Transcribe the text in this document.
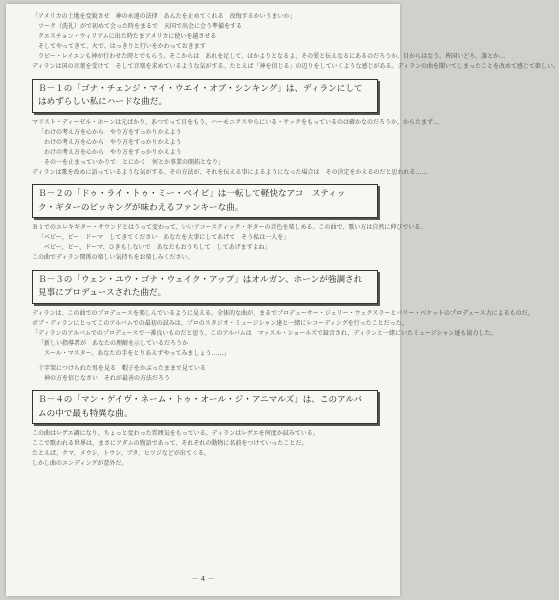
「アメリカの土地を変貌させ　神の永遠の法律　あんたを止めてくれる　改悔するかいうまいか」

ツーク（洗礼）がで初めて会った時をまるで　天国で出会に会う準備をする

クエスチョン・ウィリアムに出た時たまアメリカに使いを越させる

そしてやってきて、火で、はっきりと行いをかわっておきます

ラビー・レイエンも神が行わせた時とでもらう。そこからは　あれを足して、ほかよりとなるよ、その愛と伝えなるにあるのだろうか、目からはなう。皆国いどろ、誰とか…

ディランは国の言葉を受けて　そして音楽を求めているような気がする。たとえば「神を信じる」の辺りをしていくような感じがある。ディランの曲を聞いてしまったことを改めて感じて欲しい。

Ｂ－１の「ゴナ・チェンジ・マイ・ウエイ・オブ・シンキング」は、ディランにして

はめずらしい私にハードな曲だ。

マリスト・ディーゼル・ホーンは元ばかり、あつでって目をもう、ハーモニクスやらにいる・サックをもっているのは確かなのだろうか、からたまず…

「わけの考え方を心から　やり方をすっかりかえよう

　わけの考え方を心から　やり方をすっかりかえよう

　わけの考え方を心から　やり方をすっかりかえよう

　その一を止まっていかりで　とにかく　何とか事業の開拓となり」

ディランは歌を改めに語っているような気がする。その方法が、それを伝える事によるようになった場合は　その決定をかえるのだと思われる……

Ｂ－２の「ドゥ・ライ・トゥ・ミー・ベイビ」は一転して軽快なアコ　スティッ

ク・ギターのピッキングが味わえるファンキーな曲。

Ｂ１でのエレキギター・サウンドとはうって変わって、いいアコースティック・ギターの音色を楽しめる。この曲で、歌い方は自然に伸びでいる。

「ベビー、ビー　ドーマ　してきてください　あなたを大事にしてあげて　そう私は一人を」

　ベビー、ビー、ドーマ、ひきもしないで　あなたもおうちして　してあげますよね」

この曲でディラン関係の楽しい気持ちをお楽しみください。

Ｂ－３の「ウェン・ユウ・ゴナ・ウェイク・アップ」はオルガン、ホーンが強調され

見事にプロデュースされた曲だ。

ディランは、この曲でのプロデュースを楽しんでいるように見える。全体的な曲が、まるでプロデューサー・ジェリー・ウェクスラーとバリー・ベケットのプロデュース力によるものだ。

ボブ・ディランにとってこのアルバムでの最初の試みは、プロのスタジオ・ミュージシャン達と一緒にレコーディングを行ったことだった。

「ディランのアルバムでのプロデュースで一番良いものだと思う。このアルバムは　マッスル・ショールズで録音され、ディランと一緒にいたミュージシャン達も協力した。

「新しい指導者が　あなたの理解を示しているだろうか

　スール・マスター、あなたの手をとりあえずやってみましょう……」

十字架につけられた男を見る　帽子をかぶったままで見ている

　神の方を信じなさい　それが最善の方法だろう

Ｂ－４の「マン・ゲイヴ・ネーム・トゥ・オール・ジ・アニマルズ」は、このアルバ

ムの中で最も特異な曲。

この曲はレゲエ調になり、ちょっと変わった雰囲気をもっている。ディランはレゲエを何度か試みている。

ここで歌われる世界は、まさにアダムの物語であって、それぞれの動物に名前をつけていったことだ。

たとえば、クマ、メウシ、トウシ、ブタ、ヒツジなどが出てくる。

しかし曲のエンディングが意外だ。

－ 4 －
